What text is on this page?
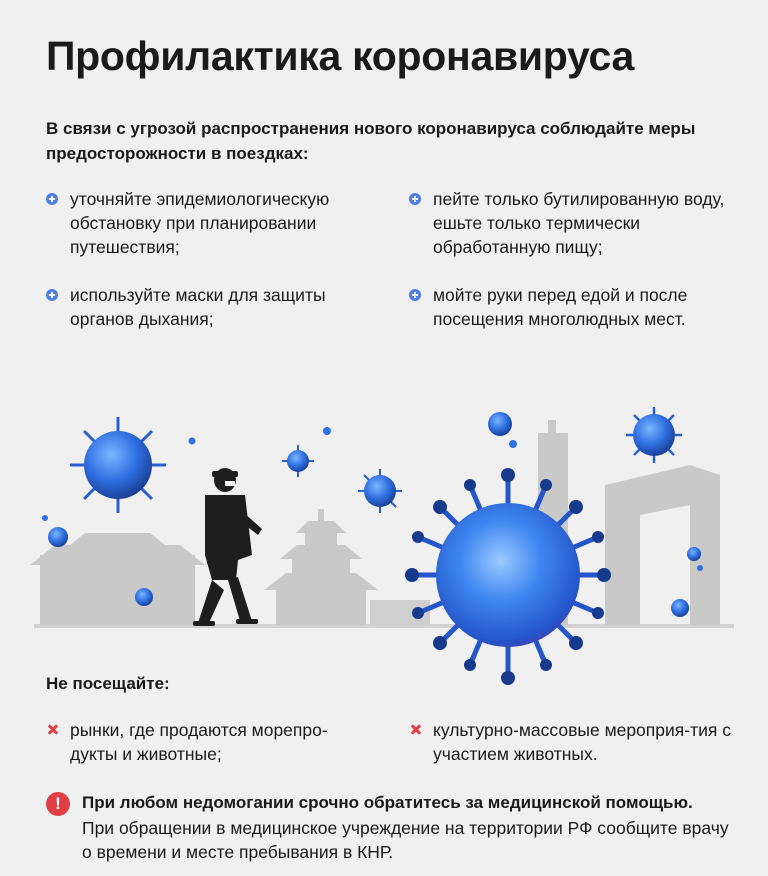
Профилактика коронавируса

В связи с угрозой распространения нового коронавируса соблюдайте меры предосторожности в поездках:

уточняйте эпидемиологическую обстановку при планировании путешествия;
используйте маски для защиты органов дыхания;
пейте только бутилированную воду, ешьте только термически обработанную пищу;
мойте руки перед едой и после посещения многолюдных мест.
Не посещайте:
рынки, где продаются морепро-дукты и животные;
культурно-массовые мероприя-тия с участием животных.
!	При любом недомогании срочно обратитесь за медицинской помощью.

При обращении в медицинское учреждение на территории РФ сообщите врачу о времени и месте пребывания в КНР.
